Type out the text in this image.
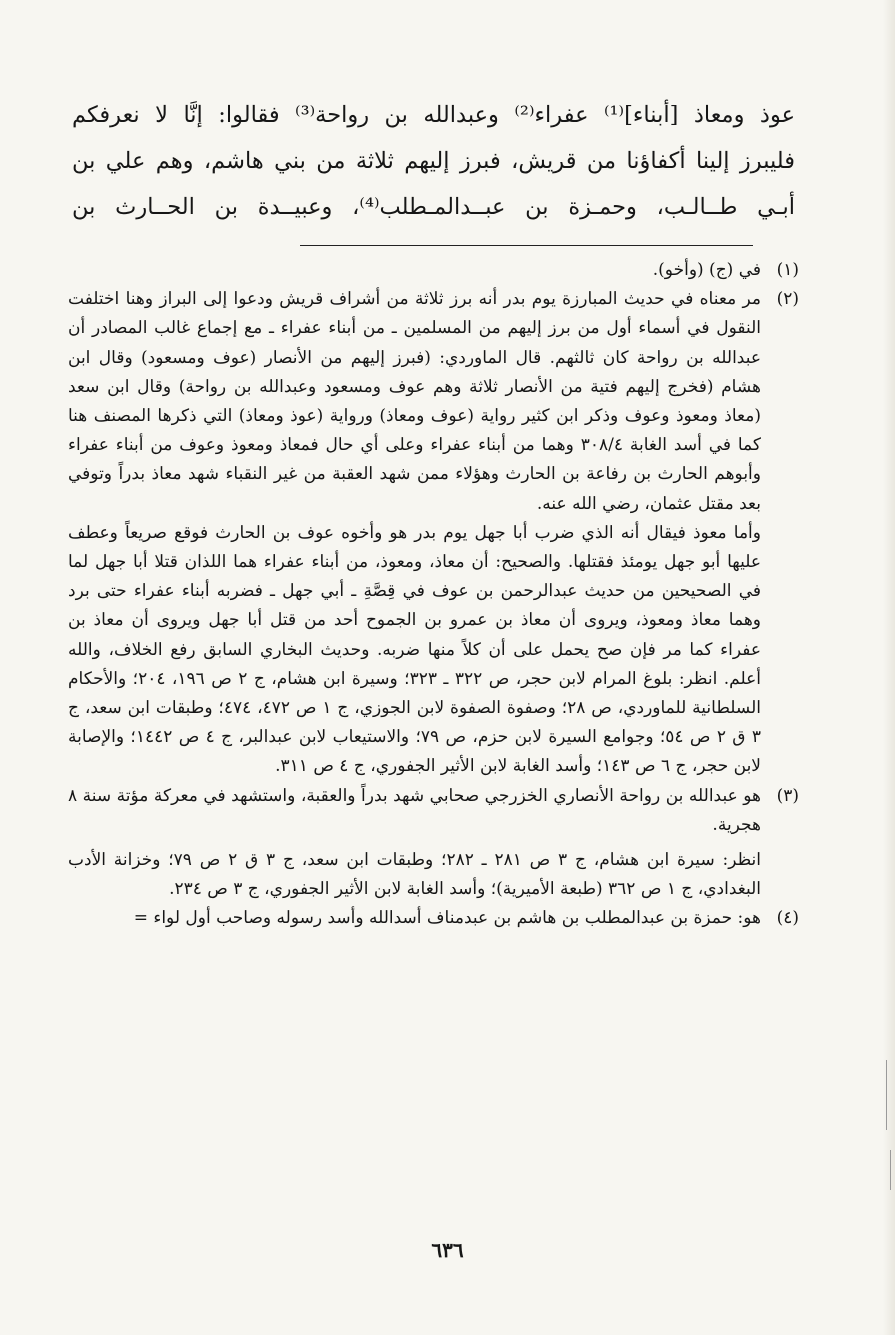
عوذ ومعاذ [أبناء]⁽¹⁾ عفراء⁽²⁾ وعبدالله بن رواحة⁽³⁾ فقالوا: إنَّا لا نعرفكم
فليبرز إلينا أكفاؤنا من قريش، فبرز إليهم ثلاثة من بني هاشم، وهم علي بن
أبـي طــالـب، وحمـزة بن عبــدالمـطلب⁽⁴⁾، وعبيــدة بن الحــارث بن
(١)

في (ج) (وأخو).

(٢)

مر معناه في حديث المبارزة يوم بدر أنه برز ثلاثة من أشراف قريش ودعوا إلى البراز وهنا اختلفت النقول في أسماء أول من برز إليهم من المسلمين ـ من أبناء عفراء ـ مع إجماع غالب المصادر أن عبدالله بن رواحة كان ثالثهم. قال الماوردي: (فبرز إليهم من الأنصار (عوف ومسعود) وقال ابن هشام (فخرج إليهم فتية من الأنصار ثلاثة وهم عوف ومسعود وعبدالله بن رواحة) وقال ابن سعد (معاذ ومعوذ وعوف وذكر ابن كثير رواية (عوف ومعاذ) ورواية (عوذ ومعاذ) التي ذكرها المصنف هنا كما في أسد الغابة ٣٠٨/٤ وهما من أبناء عفراء وعلى أي حال فمعاذ ومعوذ وعوف من أبناء عفراء وأبوهم الحارث بن رفاعة بن الحارث وهؤلاء ممن شهد العقبة من غير النقباء شهد معاذ بدراً وتوفي بعد مقتل عثمان، رضي الله عنه.

وأما معوذ فيقال أنه الذي ضرب أبا جهل يوم بدر هو وأخوه عوف بن الحارث فوقع صريعاً وعطف عليها أبو جهل يومئذ فقتلها. والصحيح: أن معاذ، ومعوذ، من أبناء عفراء هما اللذان قتلا أبا جهل لما في الصحيحين من حديث عبدالرحمن بن عوف في قِصَّةِ ـ أبي جهل ـ فضربه أبناء عفراء حتى برد وهما معاذ ومعوذ، ويروى أن معاذ بن عمرو بن الجموح أحد من قتل أبا جهل ويروى أن معاذ بن عفراء كما مر فإن صح يحمل على أن كلاً منها ضربه. وحديث البخاري السابق رفع الخلاف، والله أعلم. انظر: بلوغ المرام لابن حجر، ص ٣٢٢ ـ ٣٢٣؛ وسيرة ابن هشام، ج ٢ ص ١٩٦، ٢٠٤؛ والأحكام السلطانية للماوردي، ص ٢٨؛ وصفوة الصفوة لابن الجوزي، ج ١ ص ٤٧٢، ٤٧٤؛ وطبقات ابن سعد، ج ٣ ق ٢ ص ٥٤؛ وجوامع السيرة لابن حزم، ص ٧٩؛ والاستيعاب لابن عبدالبر، ج ٤ ص ١٤٤٢؛ والإصابة لابن حجر، ج ٦ ص ١٤٣؛ وأسد الغابة لابن الأثير الجفوري، ج ٤ ص ٣١١.

(٣)

هو عبدالله بن رواحة الأنصاري الخزرجي صحابي شهد بدراً والعقبة، واستشهد في معركة مؤتة سنة ٨ هجرية.

انظر: سيرة ابن هشام، ج ٣ ص ٢٨١ ـ ٢٨٢؛ وطبقات ابن سعد، ج ٣ ق ٢ ص ٧٩؛ وخزانة الأدب البغدادي، ج ١ ص ٣٦٢ (طبعة الأميرية)؛ وأسد الغابة لابن الأثير الجفوري، ج ٣ ص ٢٣٤.

(٤)

هو: حمزة بن عبدالمطلب بن هاشم بن عبدمناف أسدالله وأسد رسوله وصاحب أول لواء =

٦٣٦
